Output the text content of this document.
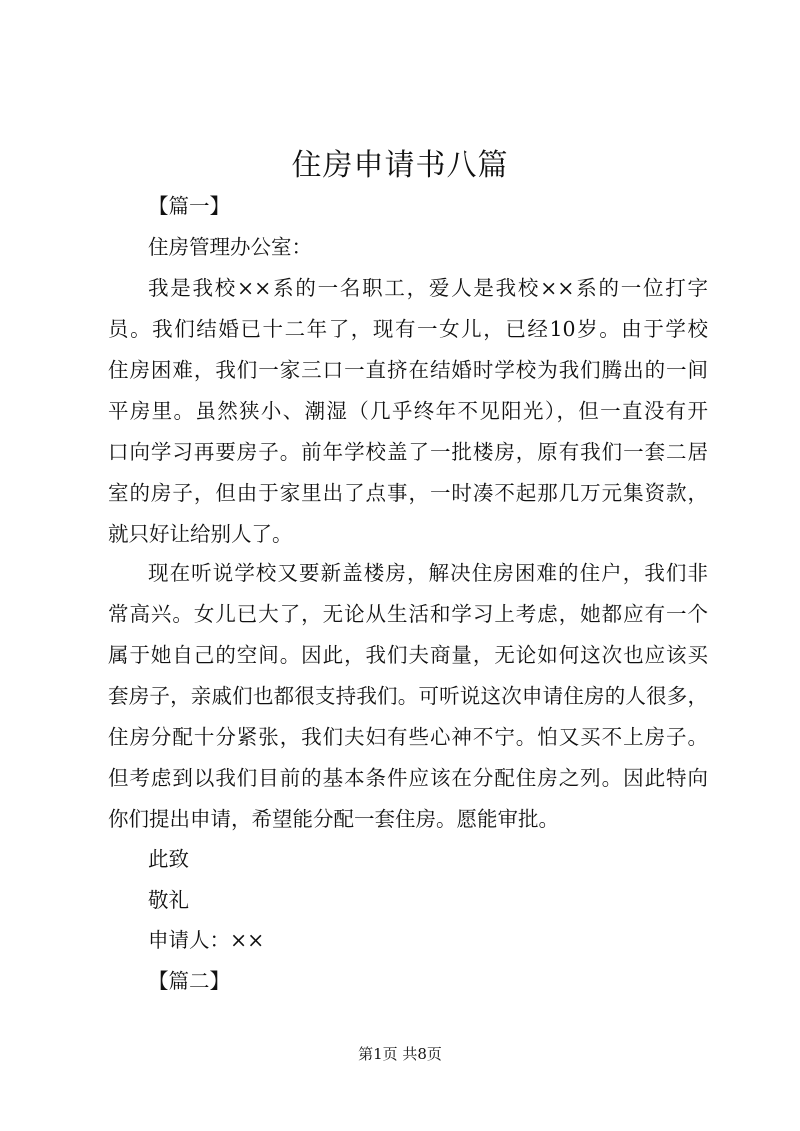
住房申请书八篇
【篇一】
住房管理办公室：
我是我校××系的一名职工，爱人是我校××系的一位打字
员。我们结婚已十二年了，现有一女儿，已经10岁。由于学校
住房困难，我们一家三口一直挤在结婚时学校为我们腾出的一间
平房里。虽然狭小、潮湿（几乎终年不见阳光），但一直没有开
口向学习再要房子。前年学校盖了一批楼房，原有我们一套二居
室的房子，但由于家里出了点事，一时凑不起那几万元集资款，
就只好让给别人了。
现在听说学校又要新盖楼房，解决住房困难的住户，我们非
常高兴。女儿已大了，无论从生活和学习上考虑，她都应有一个
属于她自己的空间。因此，我们夫商量，无论如何这次也应该买
套房子，亲戚们也都很支持我们。可听说这次申请住房的人很多，
住房分配十分紧张，我们夫妇有些心神不宁。怕又买不上房子。
但考虑到以我们目前的基本条件应该在分配住房之列。因此特向
你们提出申请，希望能分配一套住房。愿能审批。
此致
敬礼
申请人：××
【篇二】
第1页 共8页
